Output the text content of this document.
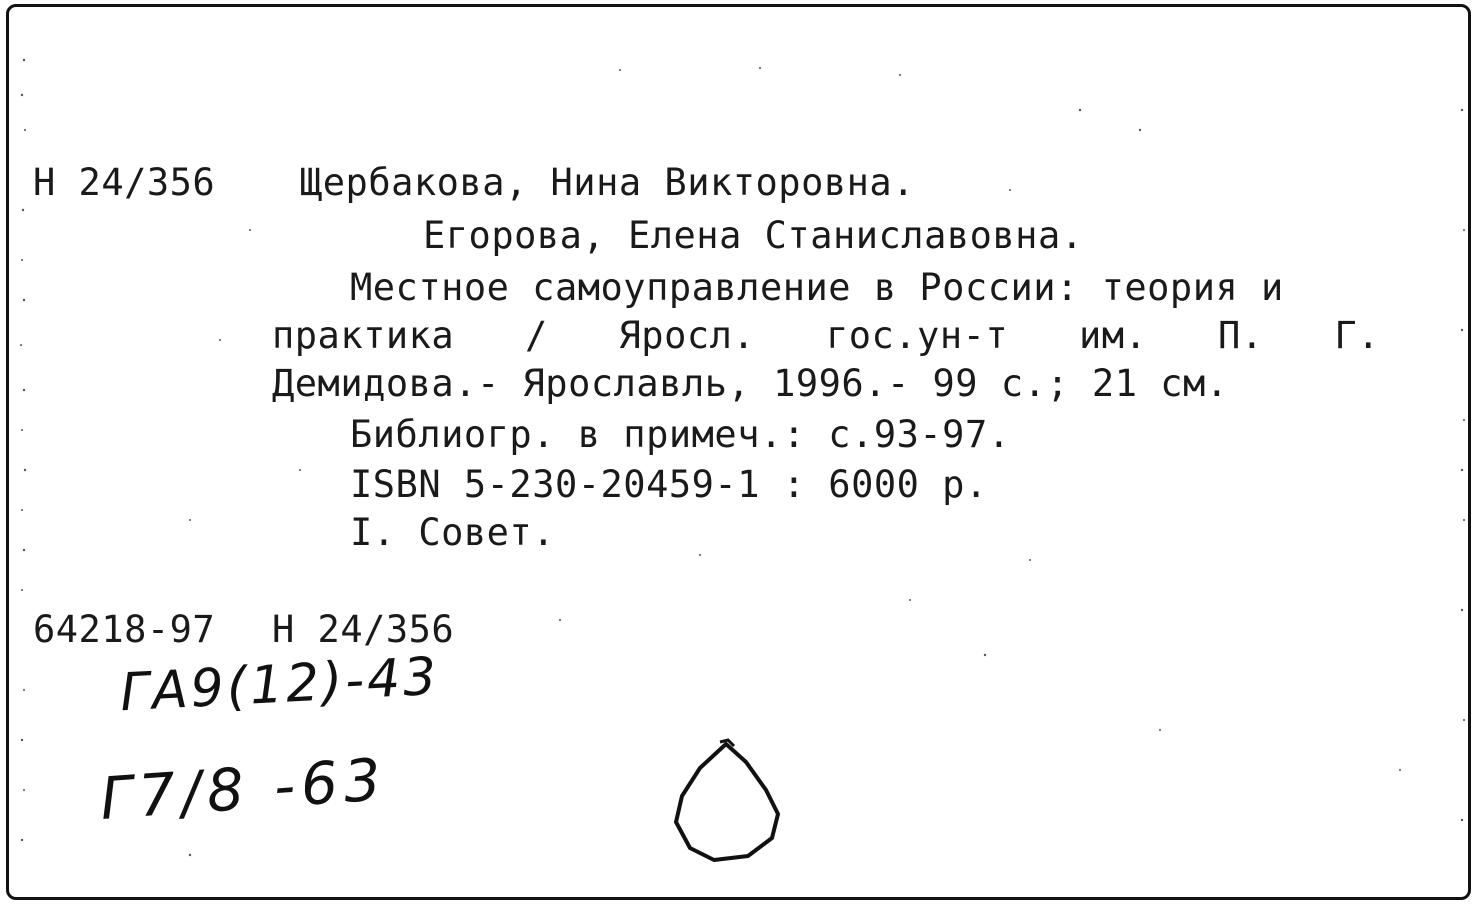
Н 24/356 Щербакова, Нина Викторовна.
Егорова, Елена Станиславовна.
Местное самоуправление в России: теория и
практика / Яросл. гос.ун-т им. П. Г.
Демидова.- Ярославль, 1996.- 99 с.; 21 см.
Библиогр. в примеч.: с.93-97.
ISBN 5-230-20459-1 : 6000 р.
I. Совет.
64218-97 Н 24/356
ГА9(12)-43
Г7/8 -63
